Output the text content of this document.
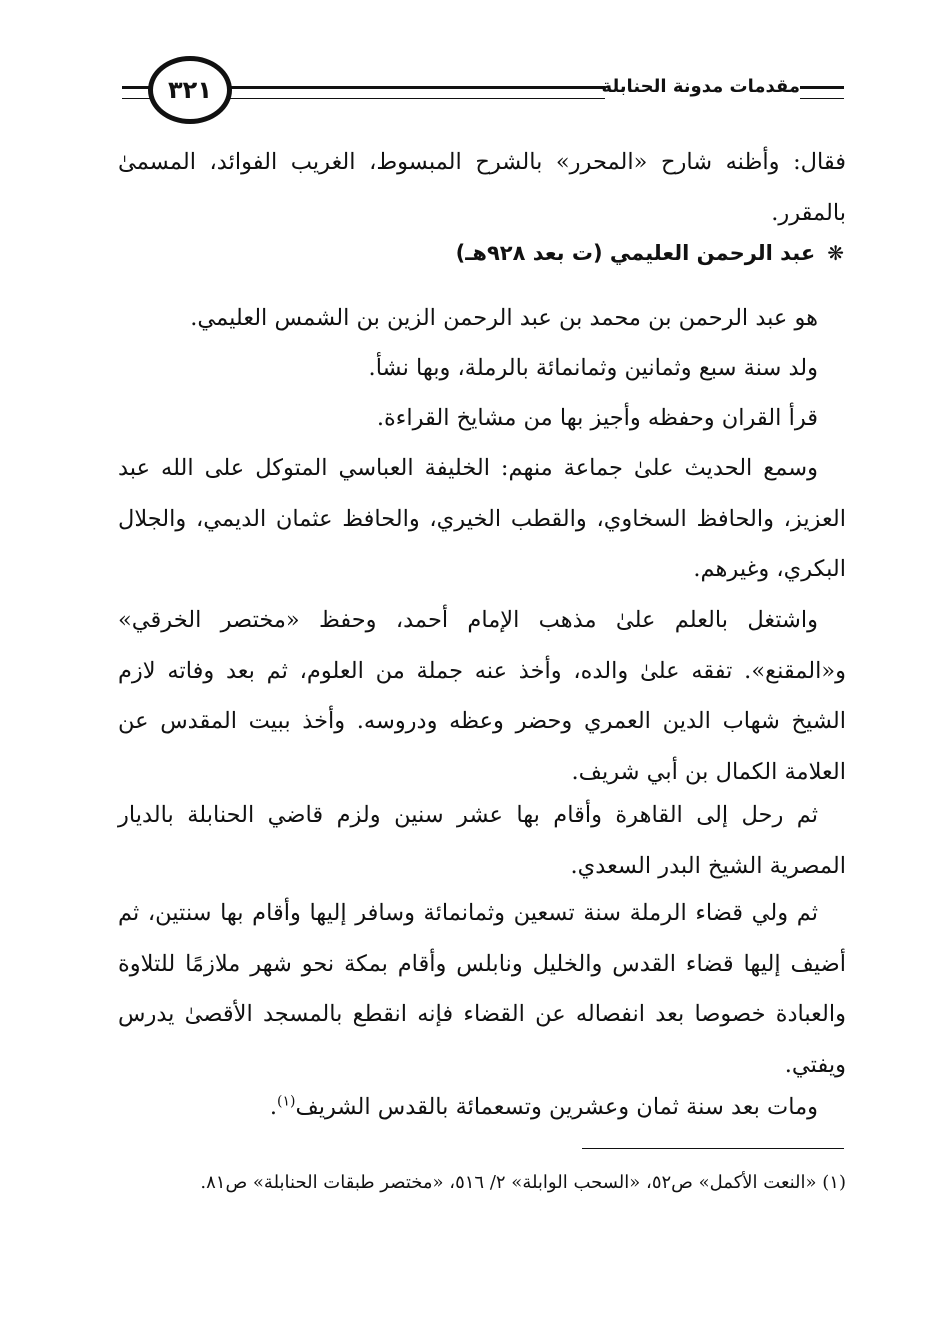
٣٢١	مقدمات مدونة الحنابلة

فقال: وأظنه شارح «المحرر» بالشرح المبسوط، الغريب الفوائد، المسمىٰ بالمقرر.

❋عبد الرحمن العليمي (ت بعد ٩٢٨هـ)

هو عبد الرحمن بن محمد بن عبد الرحمن الزين بن الشمس العليمي.

ولد سنة سبع وثمانين وثمانمائة بالرملة، وبها نشأ.

قرأ القران وحفظه وأجيز بها من مشايخ القراءة.

وسمع الحديث علىٰ جماعة منهم: الخليفة العباسي المتوكل على الله عبد العزيز، والحافظ السخاوي، والقطب الخيري، والحافظ عثمان الديمي، والجلال البكري، وغيرهم.

واشتغل بالعلم علىٰ مذهب الإمام أحمد، وحفظ «مختصر الخرقي» و«المقنع». تفقه علىٰ والده، وأخذ عنه جملة من العلوم، ثم بعد وفاته لازم الشيخ شهاب الدين العمري وحضر وعظه ودروسه. وأخذ ببيت المقدس عن العلامة الكمال بن أبي شريف.

ثم رحل إلى القاهرة وأقام بها عشر سنين ولزم قاضي الحنابلة بالديار المصرية الشيخ البدر السعدي.

ثم ولي قضاء الرملة سنة تسعين وثمانمائة وسافر إليها وأقام بها سنتين، ثم أضيف إليها قضاء القدس والخليل ونابلس وأقام بمكة نحو شهر ملازمًا للتلاوة والعبادة خصوصا بعد انفصاله عن القضاء فإنه انقطع بالمسجد الأقصىٰ يدرس ويفتي.

ومات بعد سنة ثمان وعشرين وتسعمائة بالقدس الشريف$^{(١)}$.

(١) «النعت الأكمل» ص٥٢، «السحب الوابلة» ٢/ ٥١٦، «مختصر طبقات الحنابلة» ص٨١.
